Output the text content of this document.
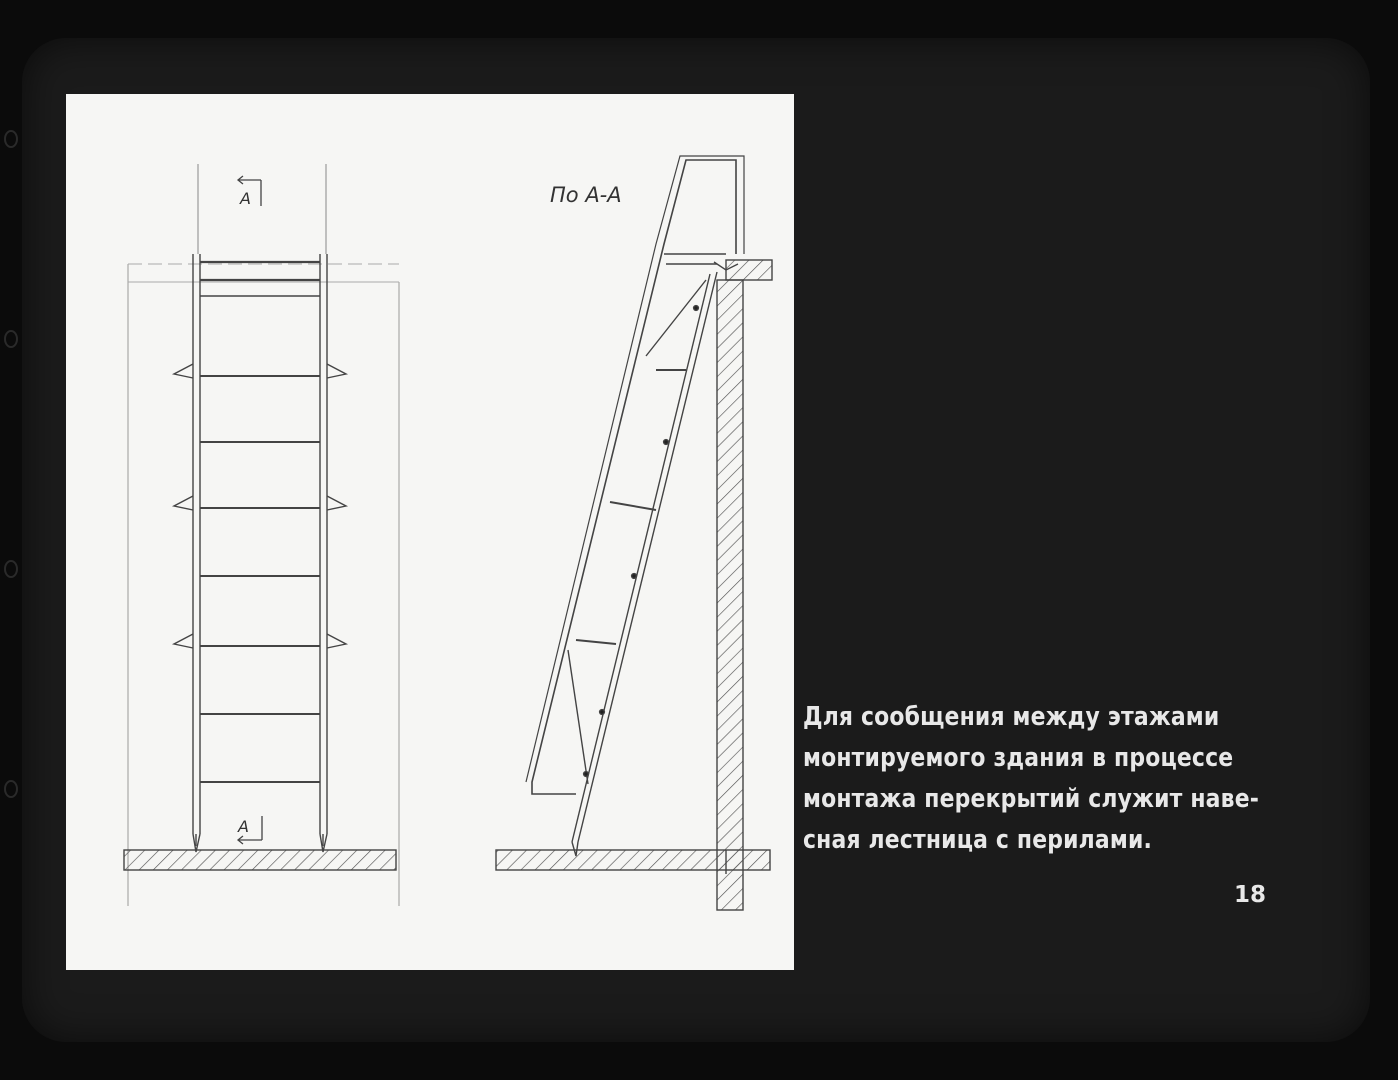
A
A
По А-А
Для сообщения между этажами
монтируемого здания в процессе
монтажа перекрытий служит наве-
сная лестница с перилами.
18
